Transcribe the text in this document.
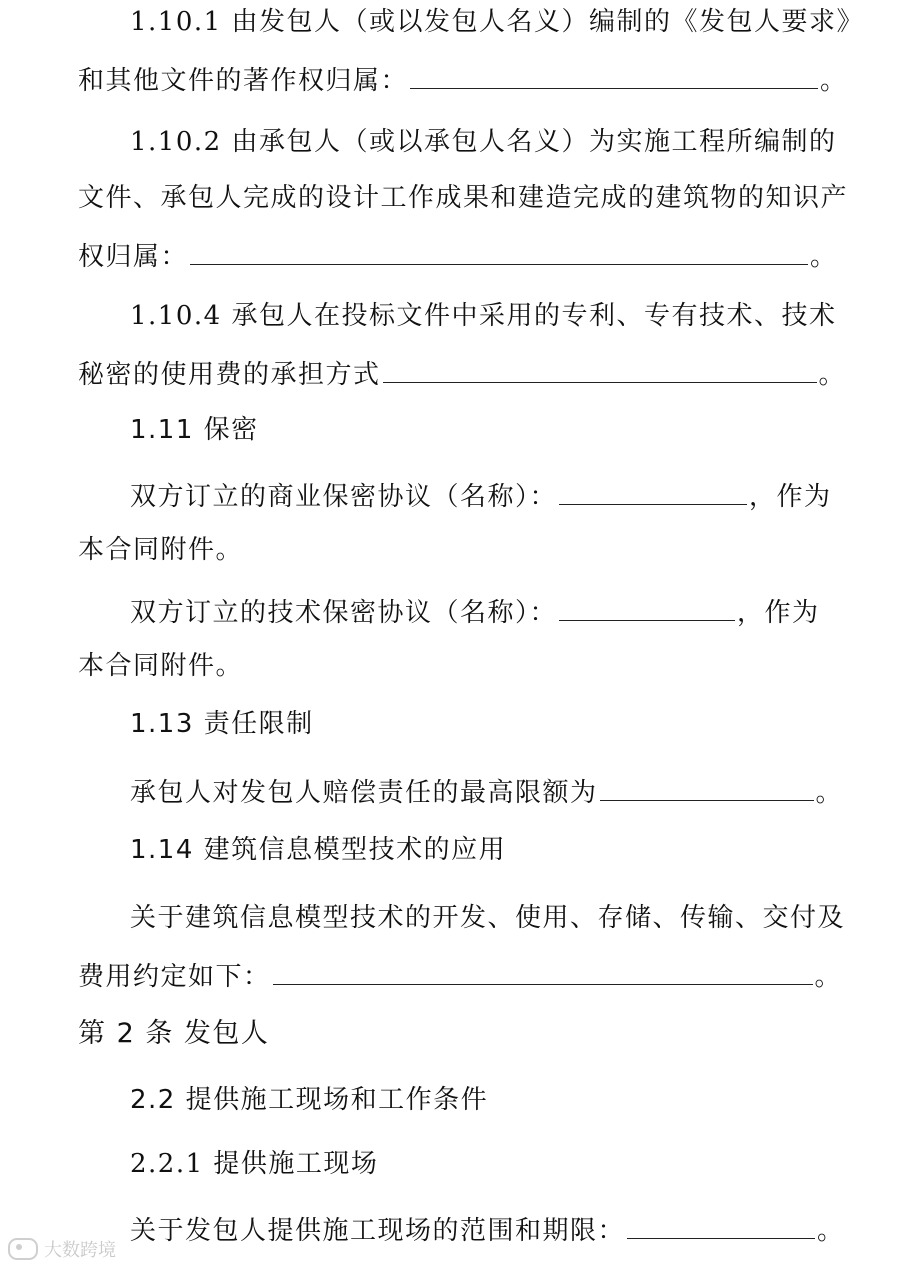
1.10.1 由发包人（或以发包人名义）编制的《发包人要求》
和其他文件的著作权归属：	。
1.10.2 由承包人（或以承包人名义）为实施工程所编制的
文件、承包人完成的设计工作成果和建造完成的建筑物的知识产
权归属：	。
1.10.4 承包人在投标文件中采用的专利、专有技术、技术
秘密的使用费的承担方式	。
1.11 保密
双方订立的商业保密协议（名称）：	，作为
本合同附件。
双方订立的技术保密协议（名称）：	，作为
本合同附件。
1.13 责任限制
承包人对发包人赔偿责任的最高限额为	。
1.14 建筑信息模型技术的应用
关于建筑信息模型技术的开发、使用、存储、传输、交付及
费用约定如下：	。
第 2 条 发包人
2.2 提供施工现场和工作条件
2.2.1 提供施工现场
关于发包人提供施工现场的范围和期限：	。
大数跨境
